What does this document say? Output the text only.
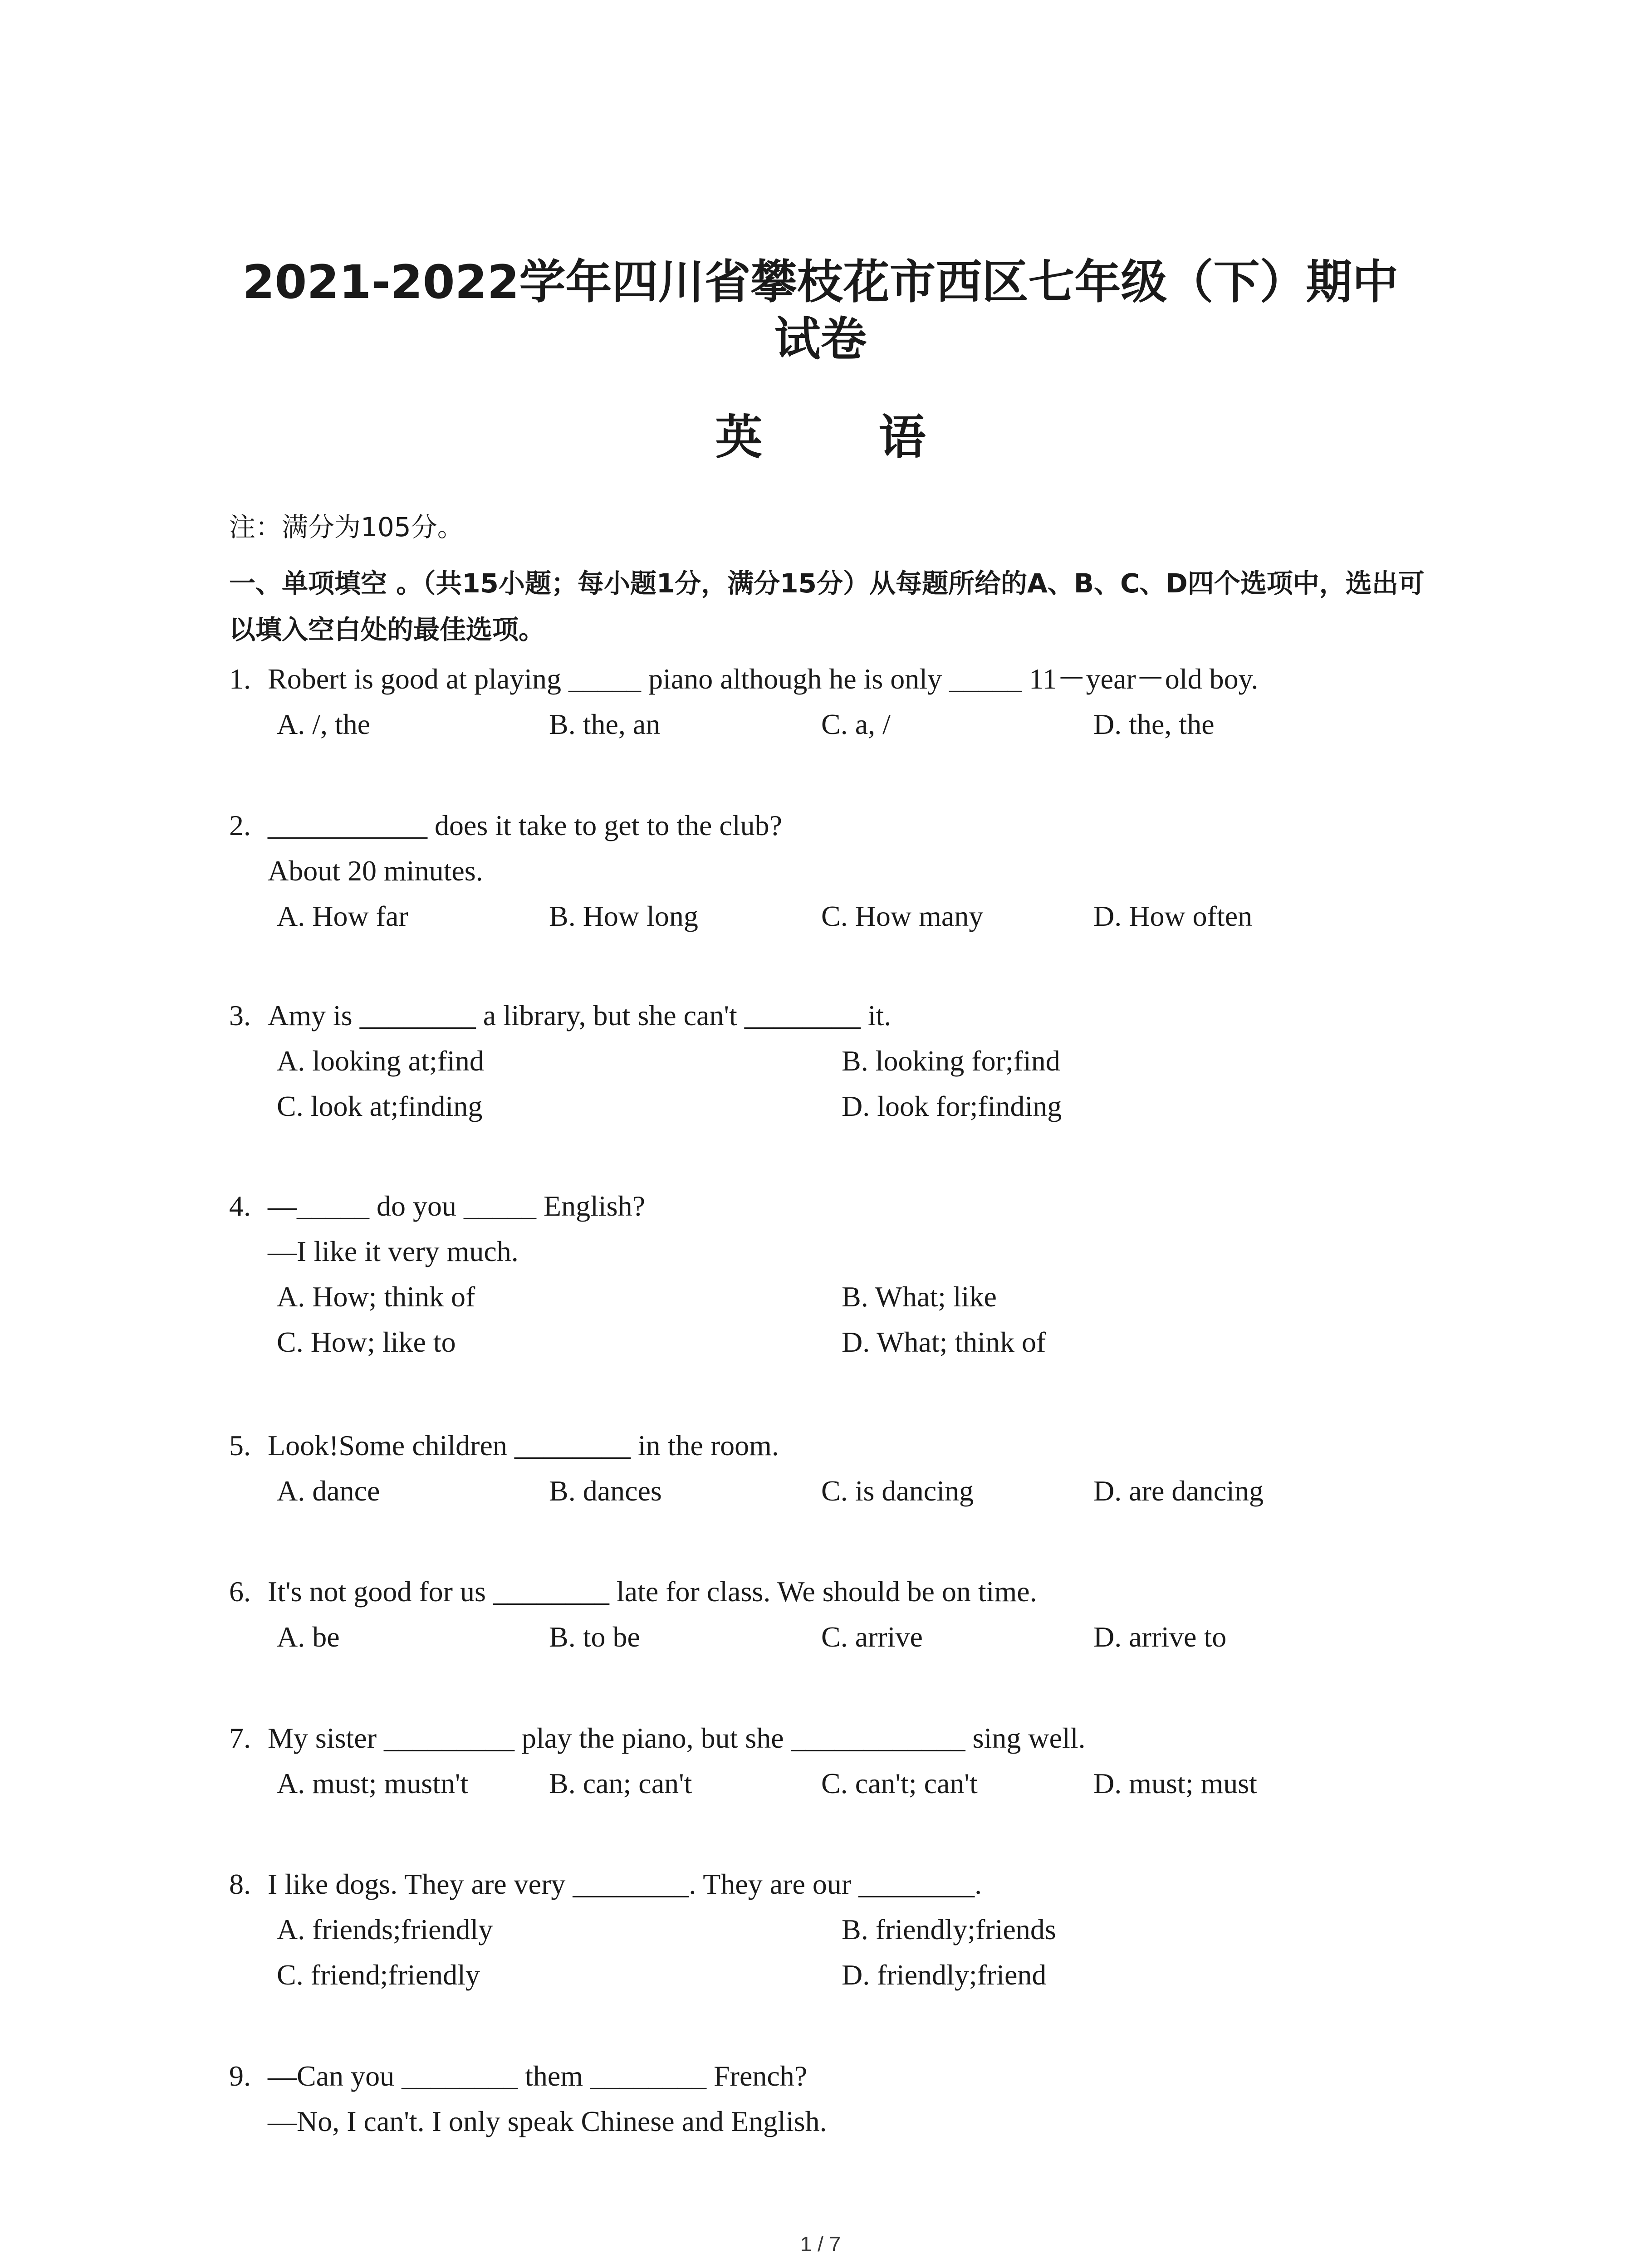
2021-2022学年四川省攀枝花市西区七年级（下）期中
试卷
英 语
注：满分为105分。
一、单项填空 。（共15小题；每小题1分，满分15分）从每题所给的A、B、C、D四个选项中，选出可以填入空白处的最佳选项。
1. Robert is good at playing _____ piano although he is only _____ 11－year－old boy.
A. /, the	B. the, an	C. a, /	D. the, the
2. ___________ does it take to get to the club?
About 20 minutes.
A. How far	B. How long	C. How many	D. How often
3. Amy is ________ a library, but she can't ________ it.
A. looking at;find	B. looking for;find
C. look at;finding	D. look for;finding
4. —_____ do you _____ English?
—I like it very much.
A. How; think of	B. What; like
C. How; like to	D. What; think of
5. Look!Some children ________ in the room.
A. dance	B. dances	C. is dancing	D. are dancing
6. It's not good for us ________ late for class. We should be on time.
A. be	B. to be	C. arrive	D. arrive to
7. My sister _________ play the piano, but she ____________ sing well.
A. must; mustn't	B. can; can't	C. can't; can't	D. must; must
8. I like dogs. They are very ________. They are our ________.
A. friends;friendly	B. friendly;friends
C. friend;friendly	D. friendly;friend
9. —Can you ________ them ________ French?
—No, I can't. I only speak Chinese and English.
1 / 7
